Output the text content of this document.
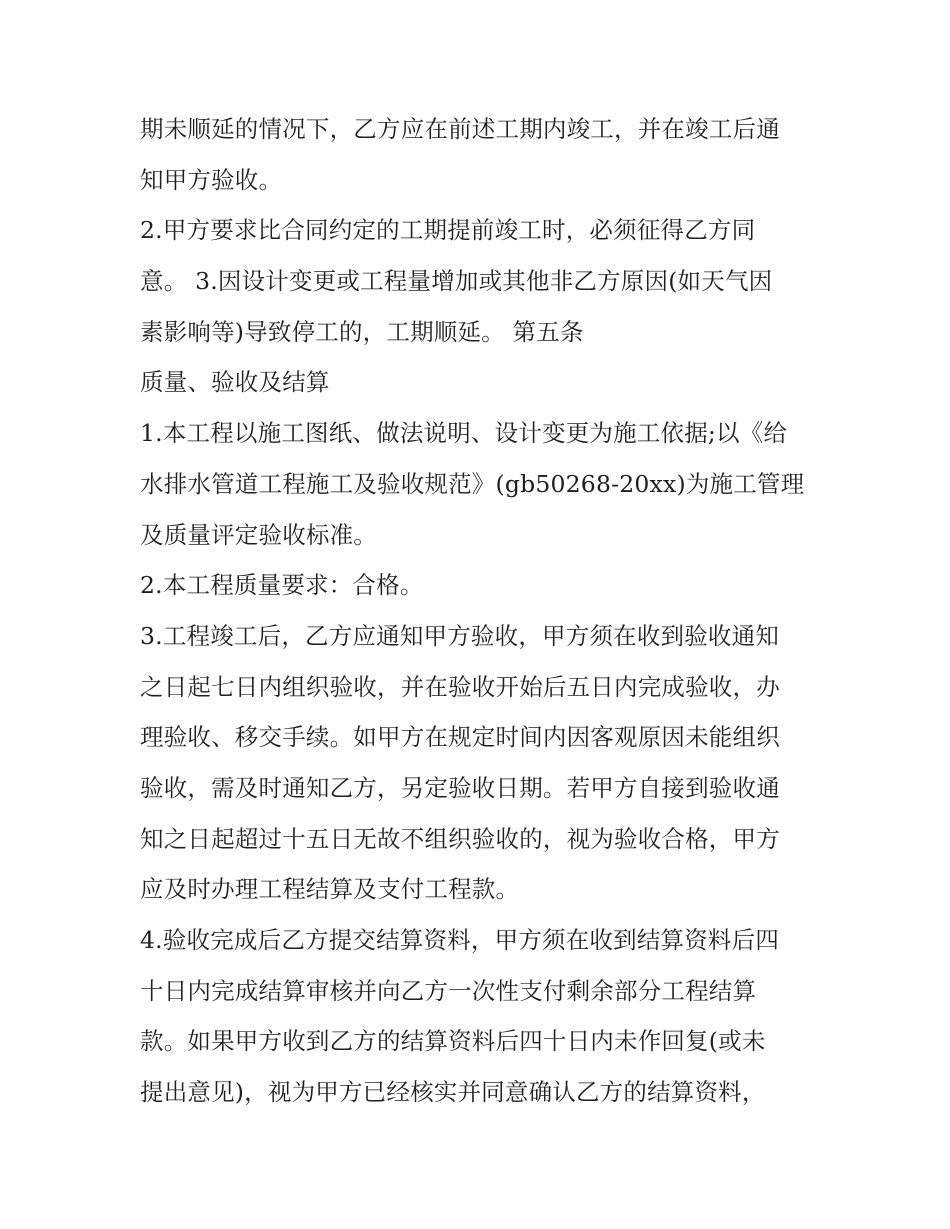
期未顺延的情况下，乙方应在前述工期内竣工，并在竣工后通
知甲方验收。
2.甲方要求比合同约定的工期提前竣工时，必须征得乙方同
意。 3.因设计变更或工程量增加或其他非乙方原因(如天气因
素影响等)导致停工的，工期顺延。 第五条
质量、验收及结算
1.本工程以施工图纸、做法说明、设计变更为施工依据;以《给
水排水管道工程施工及验收规范》(gb50268-20xx)为施工管理
及质量评定验收标准。
2.本工程质量要求：合格。
3.工程竣工后，乙方应通知甲方验收，甲方须在收到验收通知
之日起七日内组织验收，并在验收开始后五日内完成验收，办
理验收、移交手续。如甲方在规定时间内因客观原因未能组织
验收，需及时通知乙方，另定验收日期。若甲方自接到验收通
知之日起超过十五日无故不组织验收的，视为验收合格，甲方
应及时办理工程结算及支付工程款。
4.验收完成后乙方提交结算资料，甲方须在收到结算资料后四
十日内完成结算审核并向乙方一次性支付剩余部分工程结算
款。如果甲方收到乙方的结算资料后四十日内未作回复(或未
提出意见)，视为甲方已经核实并同意确认乙方的结算资料，
